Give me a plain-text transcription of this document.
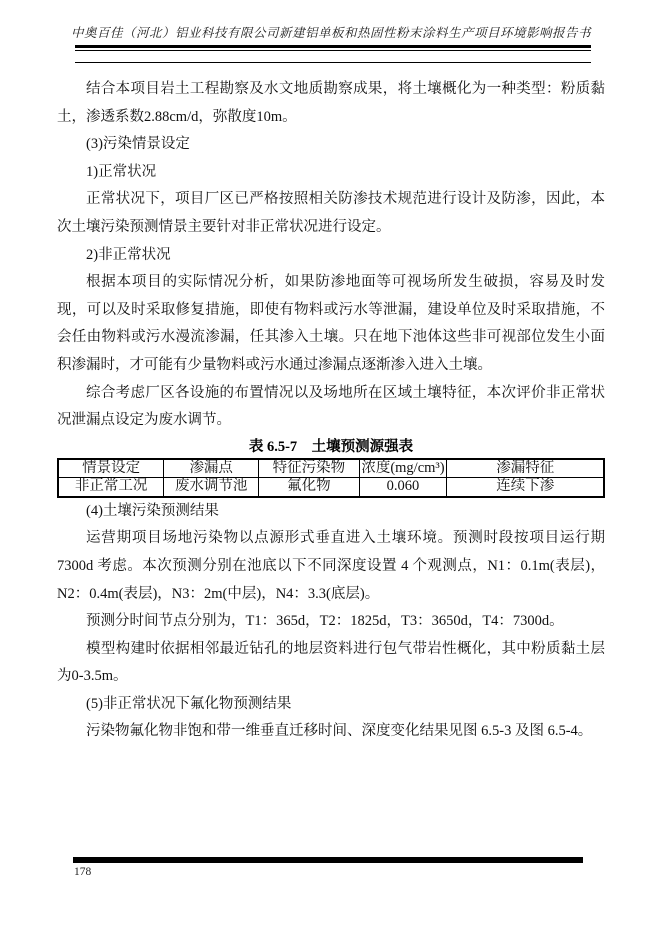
中奥百佳（河北）铝业科技有限公司新建铝单板和热固性粉末涂料生产项目环境影响报告书

结合本项目岩土工程勘察及水文地质勘察成果，将土壤概化为一种类型：粉质黏土，渗透系数2.88cm/d，弥散度10m。

(3)污染情景设定

1)正常状况

正常状况下，项目厂区已严格按照相关防渗技术规范进行设计及防渗，因此，本次土壤污染预测情景主要针对非正常状况进行设定。

2)非正常状况

根据本项目的实际情况分析，如果防渗地面等可视场所发生破损，容易及时发现，可以及时采取修复措施，即使有物料或污水等泄漏，建设单位及时采取措施，不会任由物料或污水漫流渗漏，任其渗入土壤。只在地下池体这些非可视部位发生小面积渗漏时，才可能有少量物料或污水通过渗漏点逐渐渗入进入土壤。

综合考虑厂区各设施的布置情况以及场地所在区域土壤特征，本次评价非正常状况泄漏点设定为废水调节。

表 6.5-7　土壤预测源强表
情景设定	渗漏点	特征污染物	浓度(mg/cm³)	渗漏特征
非正常工况	废水调节池	氟化物	0.060	连续下渗

(4)土壤污染预测结果

运营期项目场地污染物以点源形式垂直进入土壤环境。预测时段按项目运行期7300d 考虑。本次预测分别在池底以下不同深度设置 4 个观测点，N1：0.1m(表层)，N2：0.4m(表层)，N3：2m(中层)，N4：3.3(底层)。

预测分时间节点分别为，T1：365d，T2：1825d，T3：3650d，T4：7300d。

模型构建时依据相邻最近钻孔的地层资料进行包气带岩性概化，其中粉质黏土层为0-3.5m。

(5)非正常状况下氟化物预测结果

污染物氟化物非饱和带一维垂直迁移时间、深度变化结果见图 6.5-3 及图 6.5-4。

178
